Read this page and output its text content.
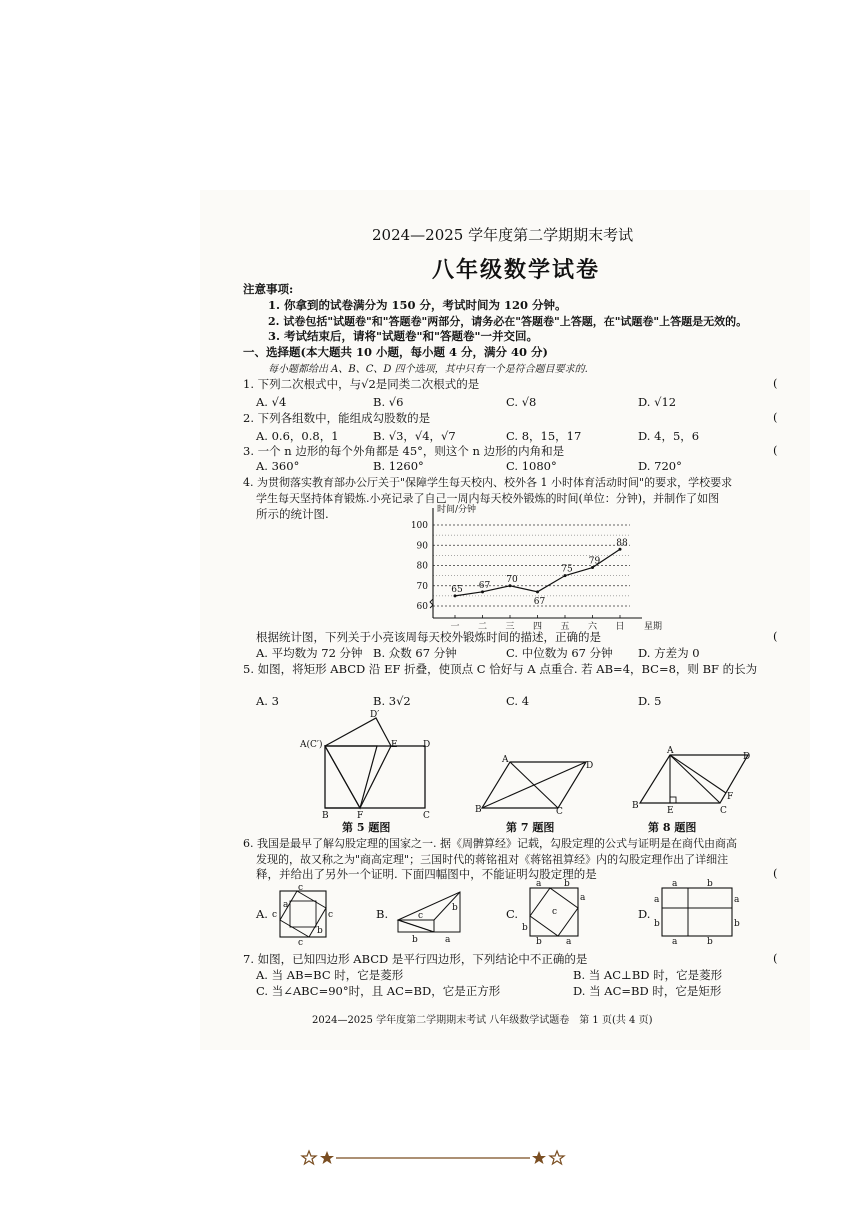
2024—2025 学年度第二学期期末考试
八年级数学试卷
注意事项:
1. 你拿到的试卷满分为 150 分，考试时间为 120 分钟。
2. 试卷包括"试题卷"和"答题卷"两部分，请务必在"答题卷"上答题，在"试题卷"上答题是无效的。
3. 考试结束后，请将"试题卷"和"答题卷"一并交回。
一、选择题(本大题共 10 小题，每小题 4 分，满分 40 分)
每小题都给出 A、B、C、D 四个选项，其中只有一个是符合题目要求的.
1. 下列二次根式中，与√2是同类二次根式的是	(
A. √4	B. √6	C. √8	D. √12
2. 下列各组数中，能组成勾股数的是	(
A. 0.6，0.8，1	B. √3，√4，√7	C. 8，15，17	D. 4，5，6
3. 一个 n 边形的每个外角都是 45°，则这个 n 边形的内角和是	(
A. 360°	B. 1260°	C. 1080°	D. 720°
4. 为贯彻落实教育部办公厅关于"保障学生每天校内、校外各 1 小时体育活动时间"的要求，学校要求
学生每天坚持体育锻炼.小亮记录了自己一周内每天校外锻炼的时间(单位：分钟)，并制作了如图
所示的统计图.
60
70
80
90
100
一 二 三 四 五 六 日
65 67
70
67
75
79
88
时间/分钟
星期
根据统计图，下列关于小亮该周每天校外锻炼时间的描述，正确的是	(
A. 平均数为 72 分钟 B. 众数 67 分钟	C. 中位数为 67 分钟 D. 方差为 0
5. 如图，将矩形 ABCD 沿 EF 折叠，使顶点 C 恰好与 A 点重合. 若 AB=4，BC=8，则 BF 的长为
A. 3	B. 3√2	C. 4	D. 5
A(C′)
D′
E	D
B	F	C
第 5 题图
A
D
B	C
第 7 题图
A
D
B	E	C
F
第 8 题图
6. 我国是最早了解勾股定理的国家之一. 据《周髀算经》记载，勾股定理的公式与证明是在商代由商高
发现的，故又称之为"商高定理"；三国时代的蒋铭祖对《蒋铭祖算经》内的勾股定理作出了详细注
释，并给出了另外一个证明. 下面四幅图中，不能证明勾股定理的是	(
A.
c
c	c
c
a
b
B.
b	a
c
b	C.
a	b
b
a
b	a
c	D.
a	b
a
b
a
b
a	b
7. 如图，已知四边形 ABCD 是平行四边形，下列结论中不正确的是	(
A. 当 AB=BC 时，它是菱形	B. 当 AC⊥BD 时，它是菱形
C. 当∠ABC=90°时，且 AC=BD，它是正方形	D. 当 AC=BD 时，它是矩形
2024—2025 学年度第二学期期末考试 八年级数学试题卷　第 1 页(共 4 页)
